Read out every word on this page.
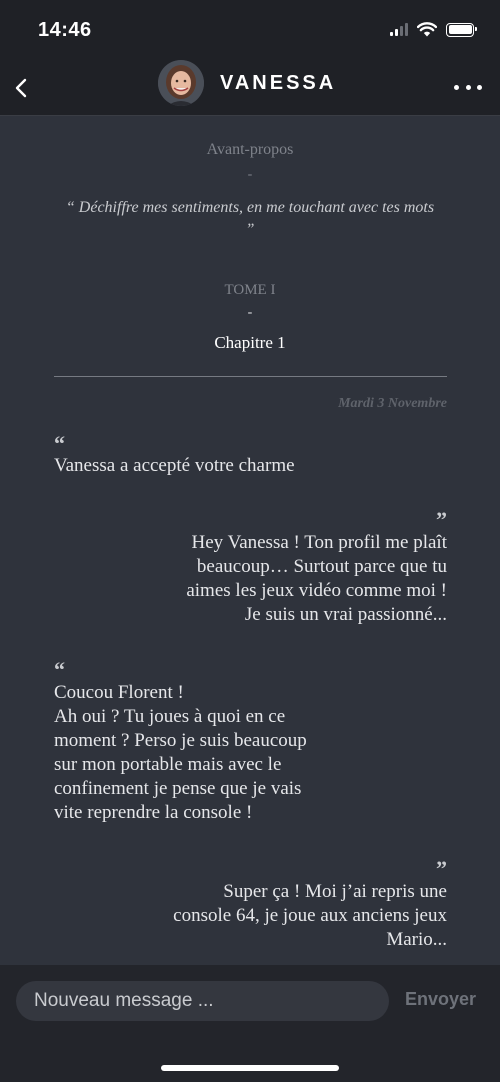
14:46
VANESSA
Avant-propos
-
“ Déchiffre mes sentiments, en me touchant avec tes mots ”
TOME I
-
Chapitre 1
Mardi 3 Novembre
“
Vanessa a accepté votre charme
”
Hey Vanessa ! Ton profil me plaît
beaucoup… Surtout parce que tu
aimes les jeux vidéo comme moi !
Je suis un vrai passionné...
“
Coucou Florent !
Ah oui ? Tu joues à quoi en ce
moment ? Perso je suis beaucoup
sur mon portable mais avec le
confinement je pense que je vais
vite reprendre la console !
”
Super ça ! Moi j’ai repris une
console 64, je joue aux anciens jeux
Mario...
Nouveau message ...
Envoyer
